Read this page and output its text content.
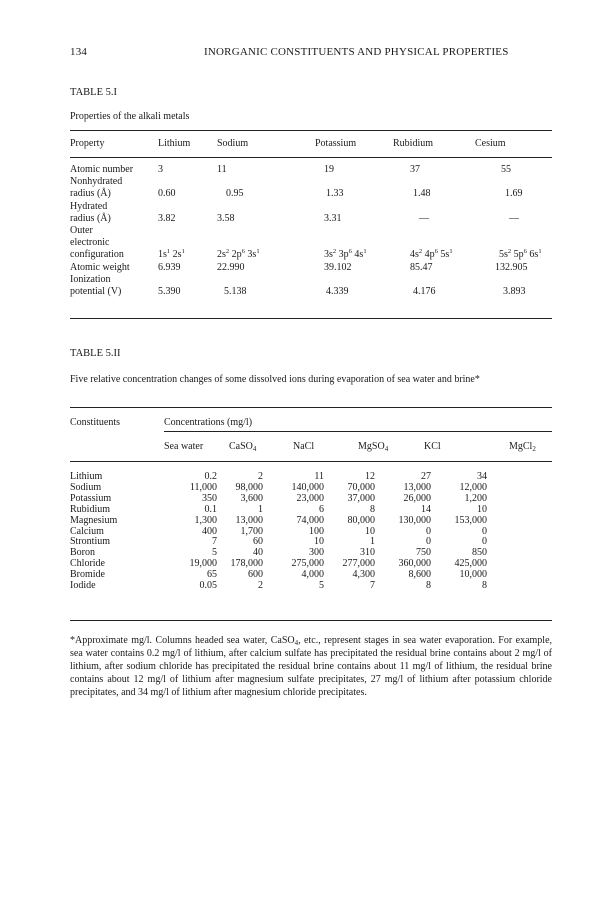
134	INORGANIC CONSTITUENTS AND PHYSICAL PROPERTIES
TABLE 5.I
Properties of the alkali metals
Property	Lithium	Sodium	Potassium	Rubidium	Cesium
Atomic number	3	11	19	37	55
Nonhydrated					
radius (Å)	0.60	0.95	1.33	1.48	1.69
Hydrated					
radius (Å)	3.82	3.58	3.31	—	—
Outer					
electronic					
configuration	$1s^1$ $2s^1$	$2s^2$ $2p^6$ $3s^1$	$3s^2$ $3p^6$ $4s^1$	$4s^2$ $4p^6$ $5s^1$	$5s^2$ $5p^6$ $6s^1$
Atomic weight	6.939	22.990	39.102	85.47	132.905
Ionization					
potential (V)	5.390	5.138	4.339	4.176	3.893
TABLE 5.II
Five relative concentration changes of some dissolved ions during evaporation of sea water and brine*
Constituents	Concentrations (mg/l)
Sea water	CaSO$_4$	NaCl	MgSO$_4$	KCl	MgCl$_2$
Lithium	0.2	2	11	12	27	34
Sodium	11,000	98,000	140,000	70,000	13,000	12,000
Potassium	350	3,600	23,000	37,000	26,000	1,200
Rubidium	0.1	1	6	8	14	10
Magnesium	1,300	13,000	74,000	80,000	130,000	153,000
Calcium	400	1,700	100	10	0	0
Strontium	7	60	10	1	0	0
Boron	5	40	300	310	750	850
Chloride	19,000	178,000	275,000	277,000	360,000	425,000
Bromide	65	600	4,000	4,300	8,600	10,000
Iodide	0.05	2	5	7	8	8
*Approximate mg/l. Columns headed sea water, CaSO$_4$, etc., represent stages in sea water evaporation. For example, sea water contains 0.2 mg/l of lithium, after calcium sulfate has precipitated the residual brine contains about 2 mg/l of lithium, after sodium chloride has precipitated the residual brine contains about 11 mg/l of lithium, the residual brine contains about 12 mg/l of lithium after magnesium sulfate precipitates, 27 mg/l of lithium after potassium chloride precipitates, and 34 mg/l of lithium after magnesium chloride precipitates.
